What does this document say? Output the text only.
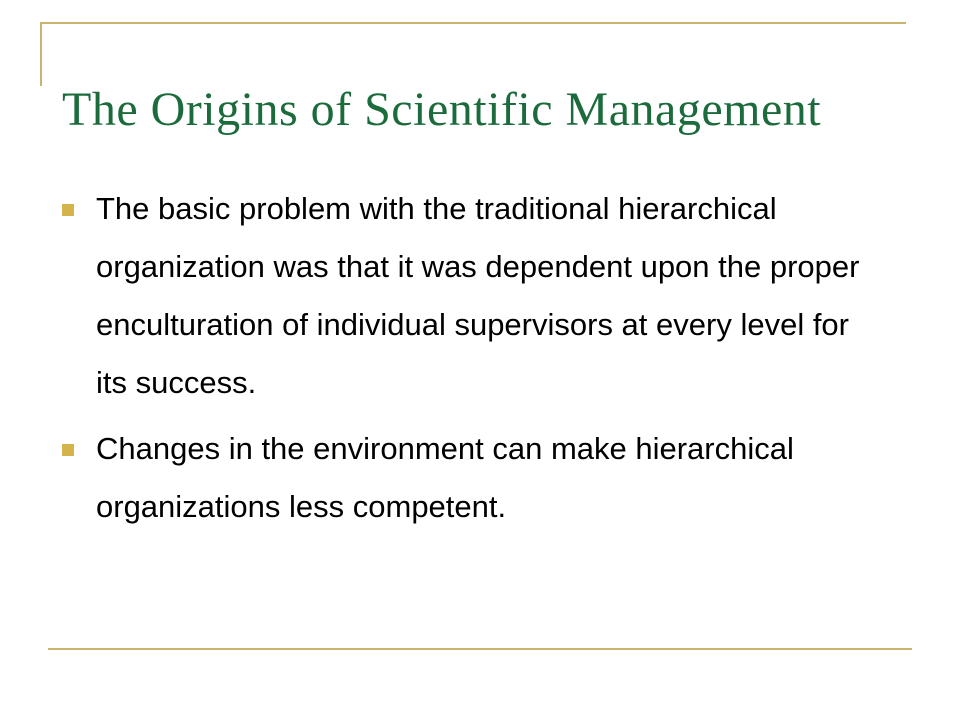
The Origins of Scientific Management
The basic problem with the traditional hierarchical organization was that it was dependent upon the proper enculturation of individual supervisors at every level for its success.
Changes in the environment can make hierarchical organizations less competent.
